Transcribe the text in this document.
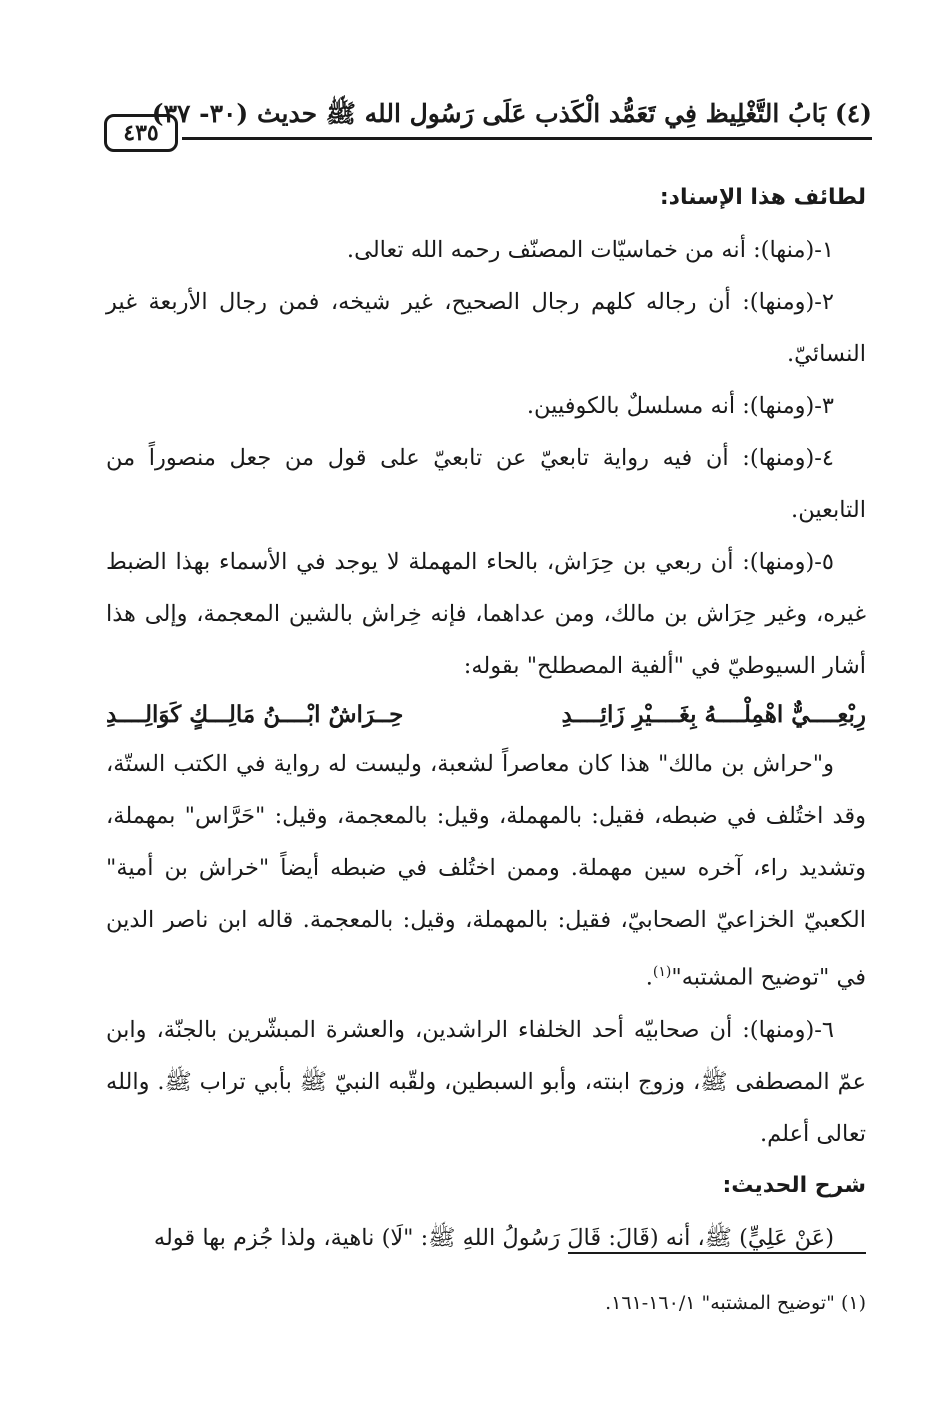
(٤) بَابُ التَّغْلِيظ فِي تَعَمُّد الْكَذب عَلَى رَسُول الله ﷺ حديث (٣٠- ٣٧)
٤٣٥

لطائف هذا الإسناد:

١-(منها): أنه من خماسيّات المصنّف رحمه الله تعالى.

٢-(ومنها): أن رجاله كلهم رجال الصحيح، غير شيخه، فمن رجال الأربعة غير النسائيّ.

٣-(ومنها): أنه مسلسلٌ بالكوفيين.

٤-(ومنها): أن فيه رواية تابعيّ عن تابعيّ على قول من جعل منصوراً من التابعين.

٥-(ومنها): أن ربعي بن حِرَاش، بالحاء المهملة لا يوجد في الأسماء بهذا الضبط غيره، وغير حِرَاش بن مالك، ومن عداهما، فإنه خِراش بالشين المعجمة، وإلى هذا أشار السيوطيّ في "ألفية المصطلح" بقوله:

رِبْعِــــيٌّ اهْمِلْــــهُ بِغَــــيْرِ زَائِــــدِ
حِــرَاشٌ ابْــــنُ مَالِـــكٍ كَوَالِــــدِ

و"حراش بن مالك" هذا كان معاصراً لشعبة، وليست له رواية في الكتب الستّة، وقد اختُلف في ضبطه، فقيل: بالمهملة، وقيل: بالمعجمة، وقيل: "حَرَّاس" بمهملة، وتشديد راء، آخره سين مهملة. وممن اختُلف في ضبطه أيضاً "خراش بن أمية" الكعبيّ الخزاعيّ الصحابيّ، فقيل: بالمهملة، وقيل: بالمعجمة. قاله ابن ناصر الدين في "توضيح المشتبه"$^{(١)}$.

٦-(ومنها): أن صحابيّه أحد الخلفاء الراشدين، والعشرة المبشّرين بالجنّة، وابن عمّ المصطفى ﷺ، وزوج ابنته، وأبو السبطين، ولقّبه النبيّ ﷺ بأبي تراب ﷺ. والله تعالى أعلم.

شرح الحديث:

(عَنْ عَلِيٍّ) ﷺ، أنه (قَالَ: قَالَ رَسُولُ اللهِ ﷺ: "لَا) ناهية، ولذا جُزم بها قوله

(١) "توضيح المشتبه" ١٦٠/١-١٦١.
